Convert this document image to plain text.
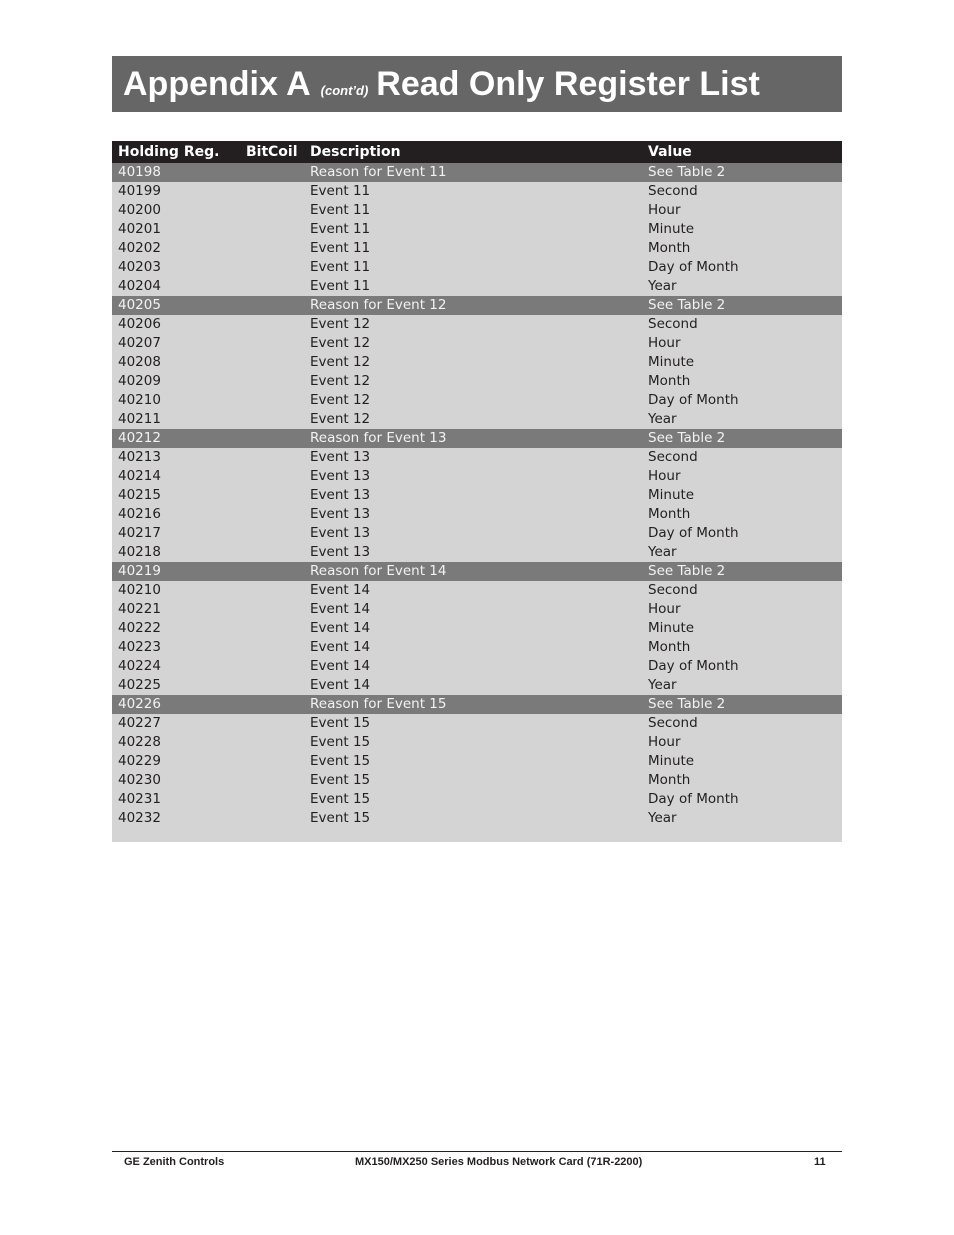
Appendix A (cont’d) Read Only Register List
Holding Reg.	Bit	Coil	Description	Value
40198			Reason for Event 11	See Table 2
40199			Event 11	Second
40200			Event 11	Hour
40201			Event 11	Minute
40202			Event 11	Month
40203			Event 11	Day of Month
40204			Event 11	Year
40205			Reason for Event 12	See Table 2
40206			Event 12	Second
40207			Event 12	Hour
40208			Event 12	Minute
40209			Event 12	Month
40210			Event 12	Day of Month
40211			Event 12	Year
40212			Reason for Event 13	See Table 2
40213			Event 13	Second
40214			Event 13	Hour
40215			Event 13	Minute
40216			Event 13	Month
40217			Event 13	Day of Month
40218			Event 13	Year
40219			Reason for Event 14	See Table 2
40210			Event 14	Second
40221			Event 14	Hour
40222			Event 14	Minute
40223			Event 14	Month
40224			Event 14	Day of Month
40225			Event 14	Year
40226			Reason for Event 15	See Table 2
40227			Event 15	Second
40228			Event 15	Hour
40229			Event 15	Minute
40230			Event 15	Month
40231			Event 15	Day of Month
40232			Event 15	Year

GE Zenith Controls	MX150/MX250 Series Modbus Network Card (71R-2200)	11
